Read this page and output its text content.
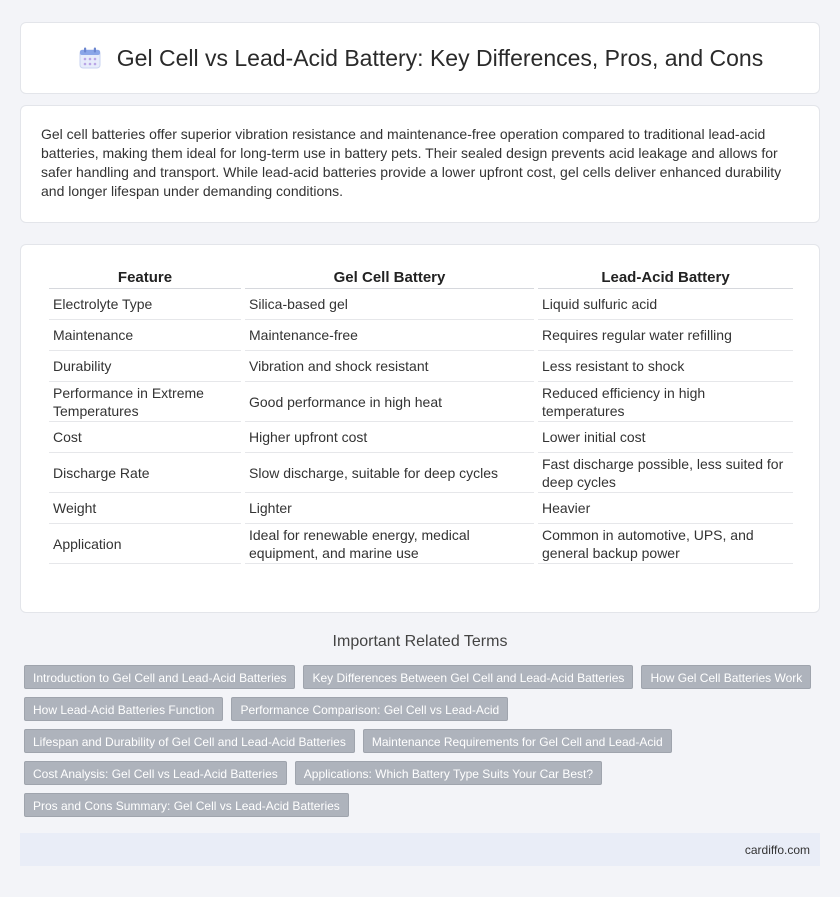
Gel Cell vs Lead-Acid Battery: Key Differences, Pros, and Cons

Gel cell batteries offer superior vibration resistance and maintenance-free operation compared to traditional lead-acid batteries, making them ideal for long-term use in battery pets. Their sealed design prevents acid leakage and allows for safer handling and transport. While lead-acid batteries provide a lower upfront cost, gel cells deliver enhanced durability and longer lifespan under demanding conditions.

Feature	Gel Cell Battery	Lead-Acid Battery
Electrolyte Type	Silica-based gel	Liquid sulfuric acid
Maintenance	Maintenance-free	Requires regular water refilling
Durability	Vibration and shock resistant	Less resistant to shock
Performance in Extreme Temperatures	Good performance in high heat	Reduced efficiency in high temperatures
Cost	Higher upfront cost	Lower initial cost
Discharge Rate	Slow discharge, suitable for deep cycles	Fast discharge possible, less suited for deep cycles
Weight	Lighter	Heavier
Application	Ideal for renewable energy, medical equipment, and marine use	Common in automotive, UPS, and general backup power
Important Related Terms
Introduction to Gel Cell and Lead-Acid Batteries	Key Differences Between Gel Cell and Lead-Acid Batteries	How Gel Cell Batteries Work
How Lead-Acid Batteries Function	Performance Comparison: Gel Cell vs Lead-Acid
Lifespan and Durability of Gel Cell and Lead-Acid Batteries	Maintenance Requirements for Gel Cell and Lead-Acid
Cost Analysis: Gel Cell vs Lead-Acid Batteries	Applications: Which Battery Type Suits Your Car Best?
Pros and Cons Summary: Gel Cell vs Lead-Acid Batteries
cardiffo.com
